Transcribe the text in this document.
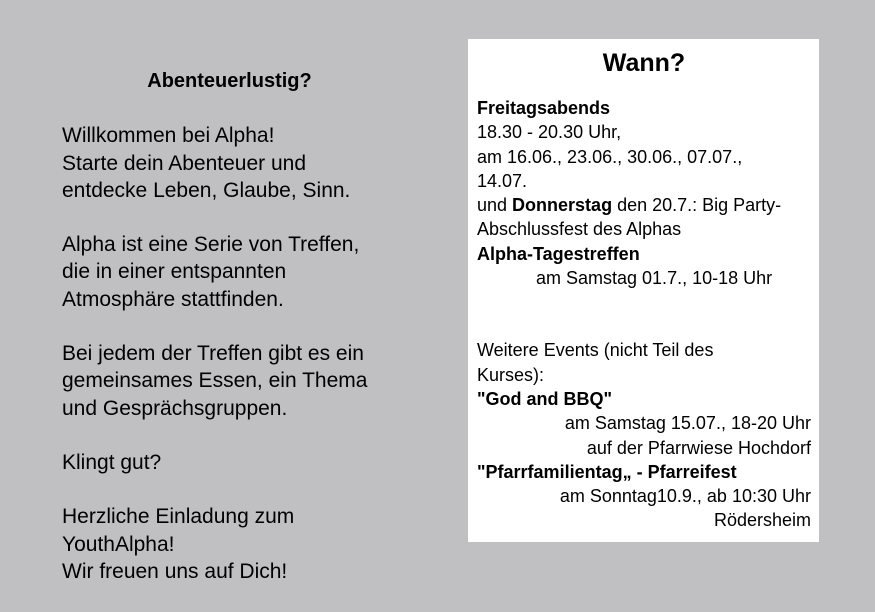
Abenteuerlustig?

Willkommen bei Alpha!
Starte dein Abenteuer und
entdecke Leben, Glaube, Sinn.

Alpha ist eine Serie von Treffen,
die in einer entspannten
Atmosphäre stattfinden.

Bei jedem der Treffen gibt es ein
gemeinsames Essen, ein Thema
und Gesprächsgruppen.

Klingt gut?

Herzliche Einladung zum
YouthAlpha!
Wir freuen uns auf Dich!

Wann?
Freitagsabends
18.30 - 20.30 Uhr,
am 16.06., 23.06., 30.06., 07.07.,
14.07.
und Donnerstag den 20.7.: Big Party-
Abschlussfest des Alphas
Alpha-Tagestreffen
am Samstag 01.7., 10-18 Uhr
Weitere Events (nicht Teil des
Kurses):
"God and BBQ"
am Samstag 15.07., 18-20 Uhr
auf der Pfarrwiese Hochdorf
"Pfarrfamilientag„ - Pfarreifest
am Sonntag10.9., ab 10:30 Uhr
Rödersheim
